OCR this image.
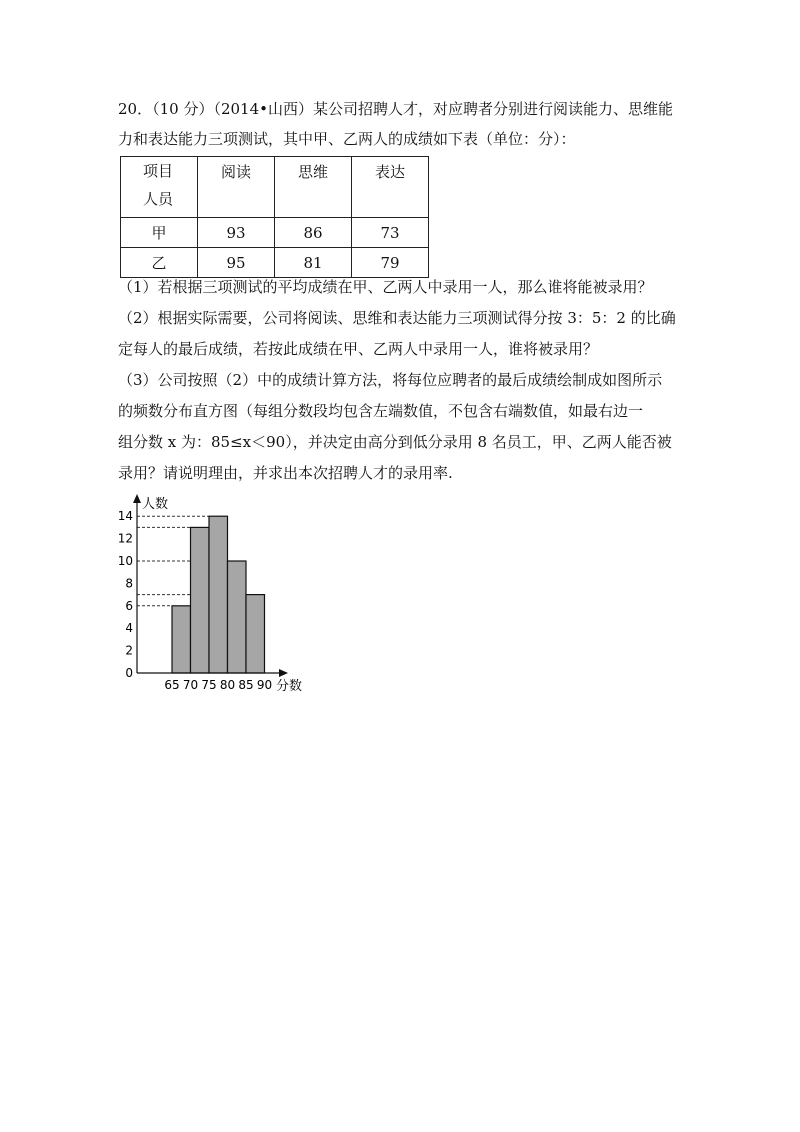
20．（10 分）（2014•山西）某公司招聘人才，对应聘者分别进行阅读能力、思维能
力和表达能力三项测试，其中甲、乙两人的成绩如下表（单位：分）：
项目
人员	阅读	思维	表达
甲	93	86	73
乙	95	81	79
（1）若根据三项测试的平均成绩在甲、乙两人中录用一人，那么谁将能被录用？
（2）根据实际需要，公司将阅读、思维和表达能力三项测试得分按 3：5：2 的比确
定每人的最后成绩，若按此成绩在甲、乙两人中录用一人，谁将被录用？
（3）公司按照（2）中的成绩计算方法，将每位应聘者的最后成绩绘制成如图所示
的频数分布直方图（每组分数段均包含左端数值，不包含右端数值，如最右边一
组分数 x 为：85≤x＜90），并决定由高分到低分录用 8 名员工，甲、乙两人能否被
录用？请说明理由，并求出本次招聘人才的录用率.
0
2
4
6
8
10
12
14
65 70 75 80 85 90
人数
分数
